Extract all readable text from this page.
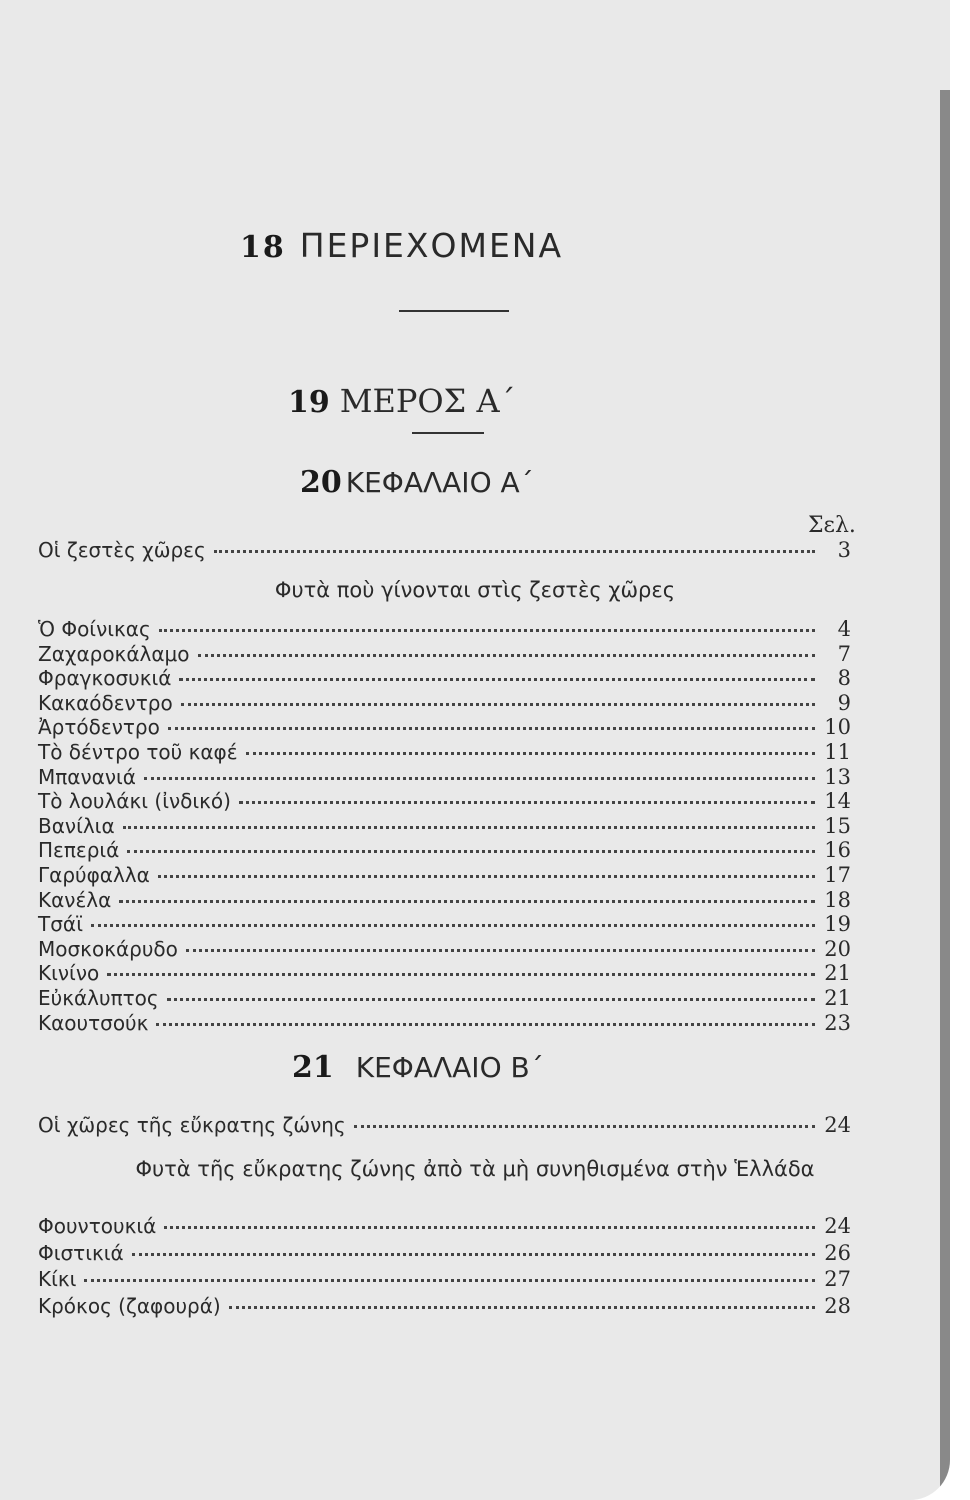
18 ΠΕΡΙΕΧΟΜΕΝΑ
19 ΜΕΡΟΣ Α΄
20 ΚΕΦΑΛΑΙΟ Α΄
Σελ.
Οἱ ζεστὲς χῶρες	3
Φυτὰ ποὺ γίνονται στὶς ζεστὲς χῶρες
Ὁ Φοίνικας	4
Ζαχαροκάλαμο	7
Φραγκοσυκιά	8
Κακαόδεντρο	9
Ἀρτόδεντρο	10
Τὸ δέντρο τοῦ καφέ	11
Μπανανιά	13
Τὸ λουλάκι (ἰνδικό)	14
Βανίλια	15
Πεπεριά	16
Γαρύφαλλα	17
Κανέλα	18
Τσάϊ	19
Μοσκοκάρυδο	20
Κινίνο	21
Εὐκάλυπτος	21
Καουτσούκ	23
21 ΚΕΦΑΛΑΙΟ Β΄
Οἱ χῶρες τῆς εὔκρατης ζώνης	24
Φυτὰ τῆς εὔκρατης ζώνης ἀπὸ τὰ μὴ συνηθισμένα στὴν Ἑλλάδα
Φουντουκιά	24
Φιστικιά	26
Κίκι	27
Κρόκος (ζαφουρά)	28
